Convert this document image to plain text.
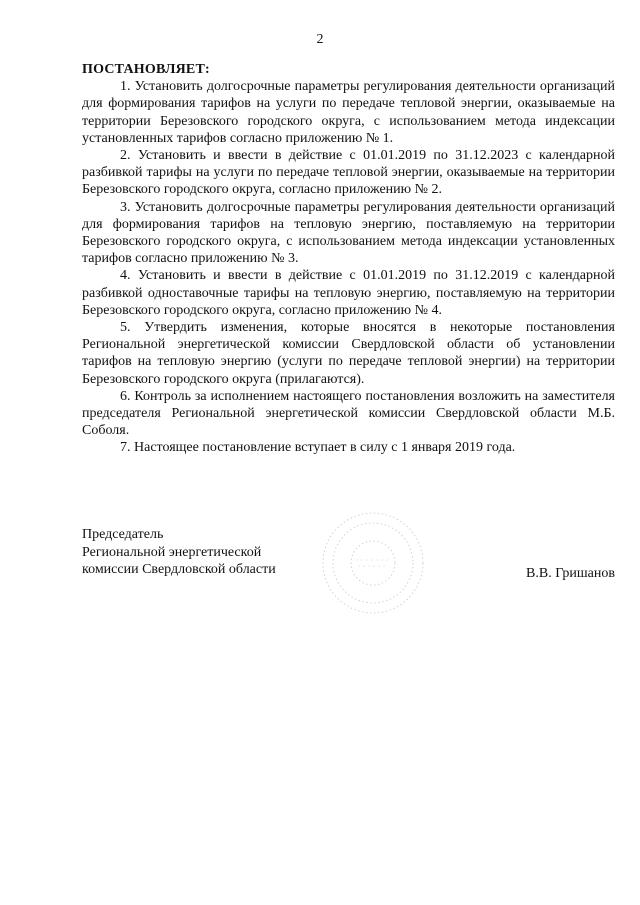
2
ПОСТАНОВЛЯЕТ:

1. Установить долгосрочные параметры регулирования деятельности организаций для формирования тарифов на услуги по передаче тепловой энергии, оказываемые на территории Березовского городского округа, с использованием метода индексации установленных тарифов согласно приложению № 1.

2. Установить и ввести в действие с 01.01.2019 по 31.12.2023 с календарной разбивкой тарифы на услуги по передаче тепловой энергии, оказываемые на территории Березовского городского округа, согласно приложению № 2.

3. Установить долгосрочные параметры регулирования деятельности организаций для формирования тарифов на тепловую энергию, поставляемую на территории Березовского городского округа, с использованием метода индексации установленных тарифов согласно приложению № 3.

4. Установить и ввести в действие с 01.01.2019 по 31.12.2019 с календарной разбивкой одноставочные тарифы на тепловую энергию, поставляемую на территории Березовского городского округа, согласно приложению № 4.

5. Утвердить изменения, которые вносятся в некоторые постановления Региональной энергетической комиссии Свердловской области об установлении тарифов на тепловую энергию (услуги по передаче тепловой энергии) на территории Березовского городского округа (прилагаются).

6. Контроль за исполнением настоящего постановления возложить на заместителя председателя Региональной энергетической комиссии Свердловской области М.Б. Соболя.

7. Настоящее постановление вступает в силу с 1 января 2019 года.

Председатель
Региональной энергетической
комиссии Свердловской области	В.В. Гришанов
